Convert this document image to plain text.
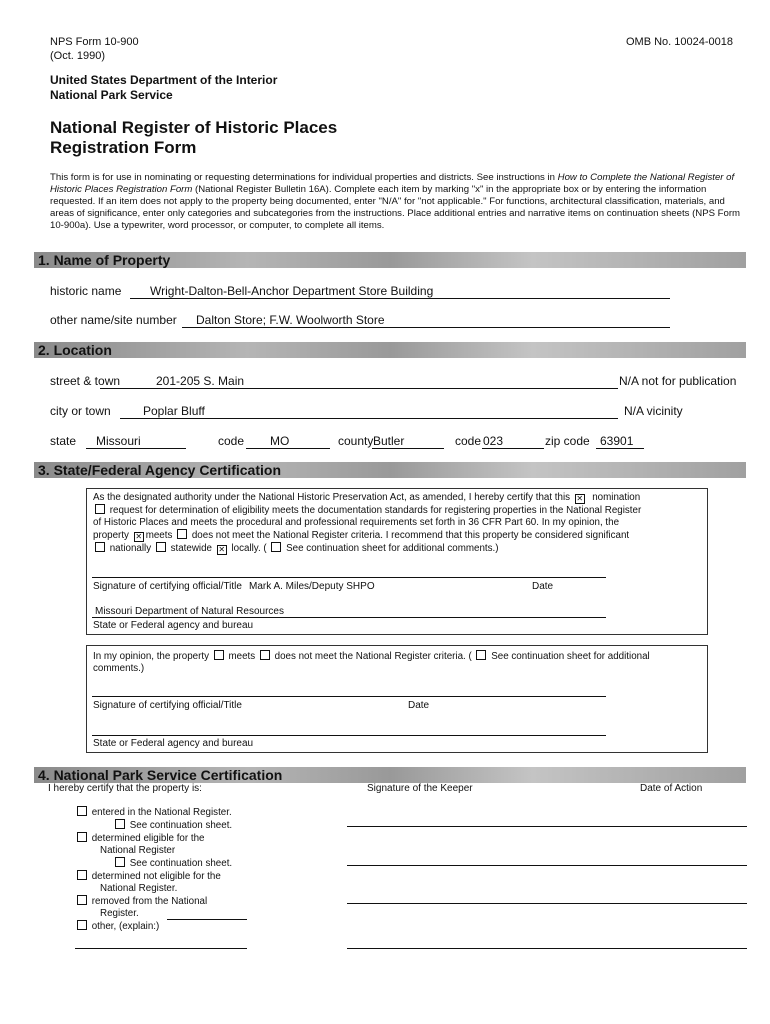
NPS Form 10-900
(Oct. 1990)
OMB No. 10024-0018
United States Department of the Interior
National Park Service
National Register of Historic Places
Registration Form
This form is for use in nominating or requesting determinations for individual properties and districts. See instructions in How to Complete the National Register of Historic Places Registration Form (National Register Bulletin 16A). Complete each item by marking "x" in the appropriate box or by entering the information requested. If an item does not apply to the property being documented, enter "N/A" for "not applicable." For functions, architectural classification, materials, and areas of significance, enter only categories and subcategories from the instructions. Place additional entries and narrative items on continuation sheets (NPS Form 10-900a). Use a typewriter, word processor, or computer, to complete all items.
1. Name of Property
historic name Wright-Dalton-Bell-Anchor Department Store Building
other name/site number Dalton Store; F.W. Woolworth Store
2. Location
street & town	201-205 S. Main	N/A not for publication
city or town	Poplar Bluff	N/A vicinity
state Missouri	code MO	county Butler	code 023	zip code 63901
3. State/Federal Agency Certification
As the designated authority under the National Historic Preservation Act, as amended, I hereby certify that this ✕ nomination
request for determination of eligibility meets the documentation standards for registering properties in the National Register
of Historic Places and meets the procedural and professional requirements set forth in 36 CFR Part 60. In my opinion, the
property ✕ meets does not meet the National Register criteria. I recommend that this property be considered significant
nationally statewide ✕ locally. ( See continuation sheet for additional comments.)
Signature of certifying official/Title Mark A. Miles/Deputy SHPO	Date
Missouri Department of Natural Resources
State or Federal agency and bureau
In my opinion, the property meets does not meet the National Register criteria. ( See continuation sheet for additional
comments.)
Signature of certifying official/Title	Date
State or Federal agency and bureau
4. National Park Service Certification
I hereby certify that the property is:	Signature of the Keeper	Date of Action
entered in the National Register.
See continuation sheet.
determined eligible for the
National Register
See continuation sheet.
determined not eligible for the
National Register.
removed from the National
Register.
other, (explain:)
